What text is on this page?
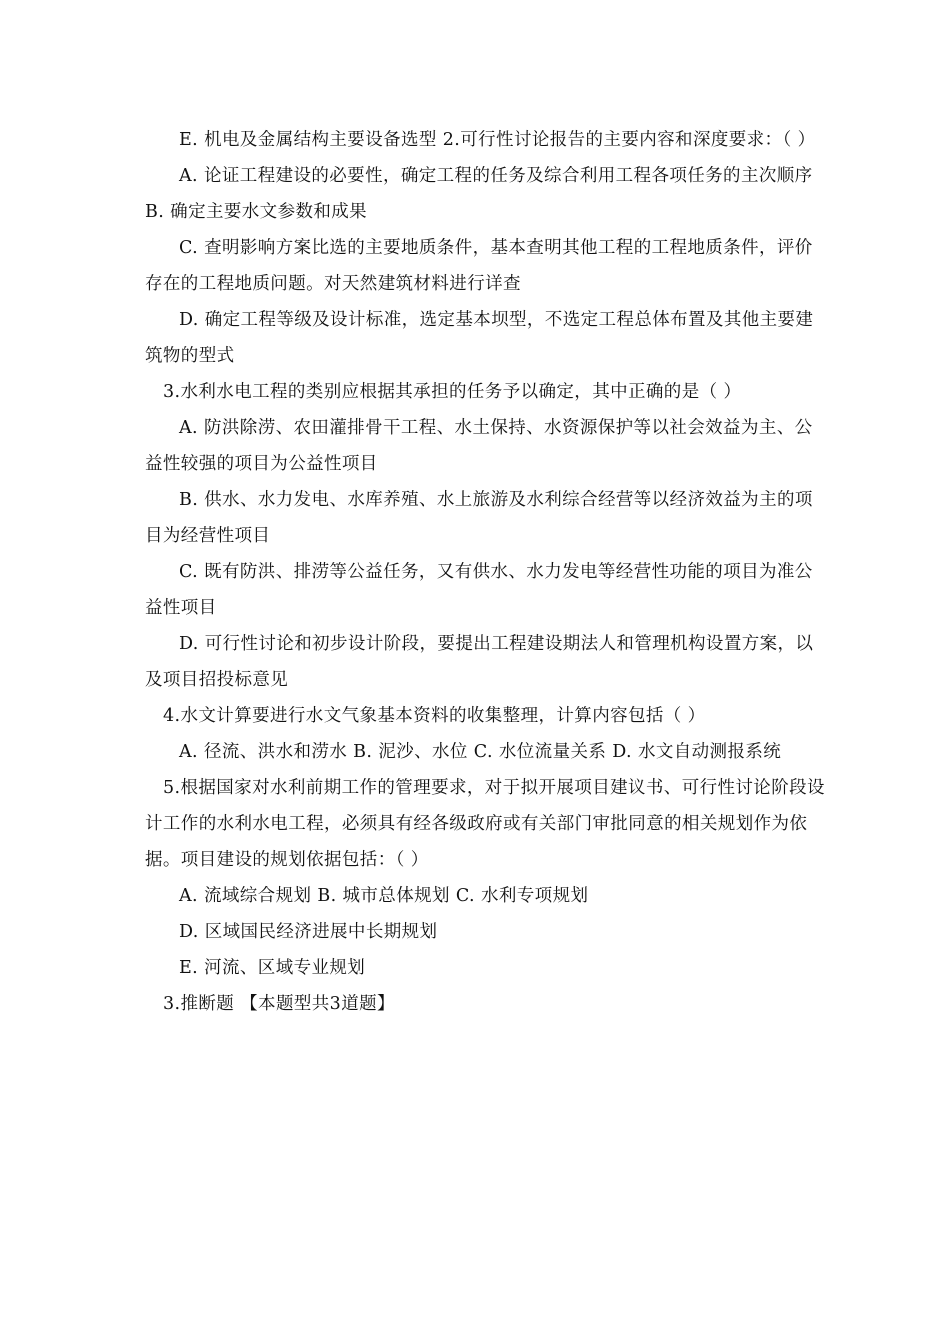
E. 机电及金属结构主要设备选型 2.可行性讨论报告的主要内容和深度要求：（ ）

A. 论证工程建设的必要性，确定工程的任务及综合利用工程各项任务的主次顺序 B. 确定主要水文参数和成果

C. 查明影响方案比选的主要地质条件，基本查明其他工程的工程地质条件，评价存在的工程地质问题。对天然建筑材料进行详查

D. 确定工程等级及设计标准，选定基本坝型，不选定工程总体布置及其他主要建筑物的型式

3.水利水电工程的类别应根据其承担的任务予以确定，其中正确的是（ ）

A. 防洪除涝、农田灌排骨干工程、水土保持、水资源保护等以社会效益为主、公益性较强的项目为公益性项目

B. 供水、水力发电、水库养殖、水上旅游及水利综合经营等以经济效益为主的项目为经营性项目

C. 既有防洪、排涝等公益任务，又有供水、水力发电等经营性功能的项目为准公益性项目

D. 可行性讨论和初步设计阶段，要提出工程建设期法人和管理机构设置方案，以及项目招投标意见

4.水文计算要进行水文气象基本资料的收集整理，计算内容包括（ ）

A. 径流、洪水和涝水 B. 泥沙、水位 C. 水位流量关系 D. 水文自动测报系统

5.根据国家对水利前期工作的管理要求，对于拟开展项目建议书、可行性讨论阶段设计工作的水利水电工程，必须具有经各级政府或有关部门审批同意的相关规划作为依据。项目建设的规划依据包括：（ ）

A. 流域综合规划 B. 城市总体规划 C. 水利专项规划

D. 区域国民经济进展中长期规划

E. 河流、区域专业规划

3.推断题 【本题型共3道题】
